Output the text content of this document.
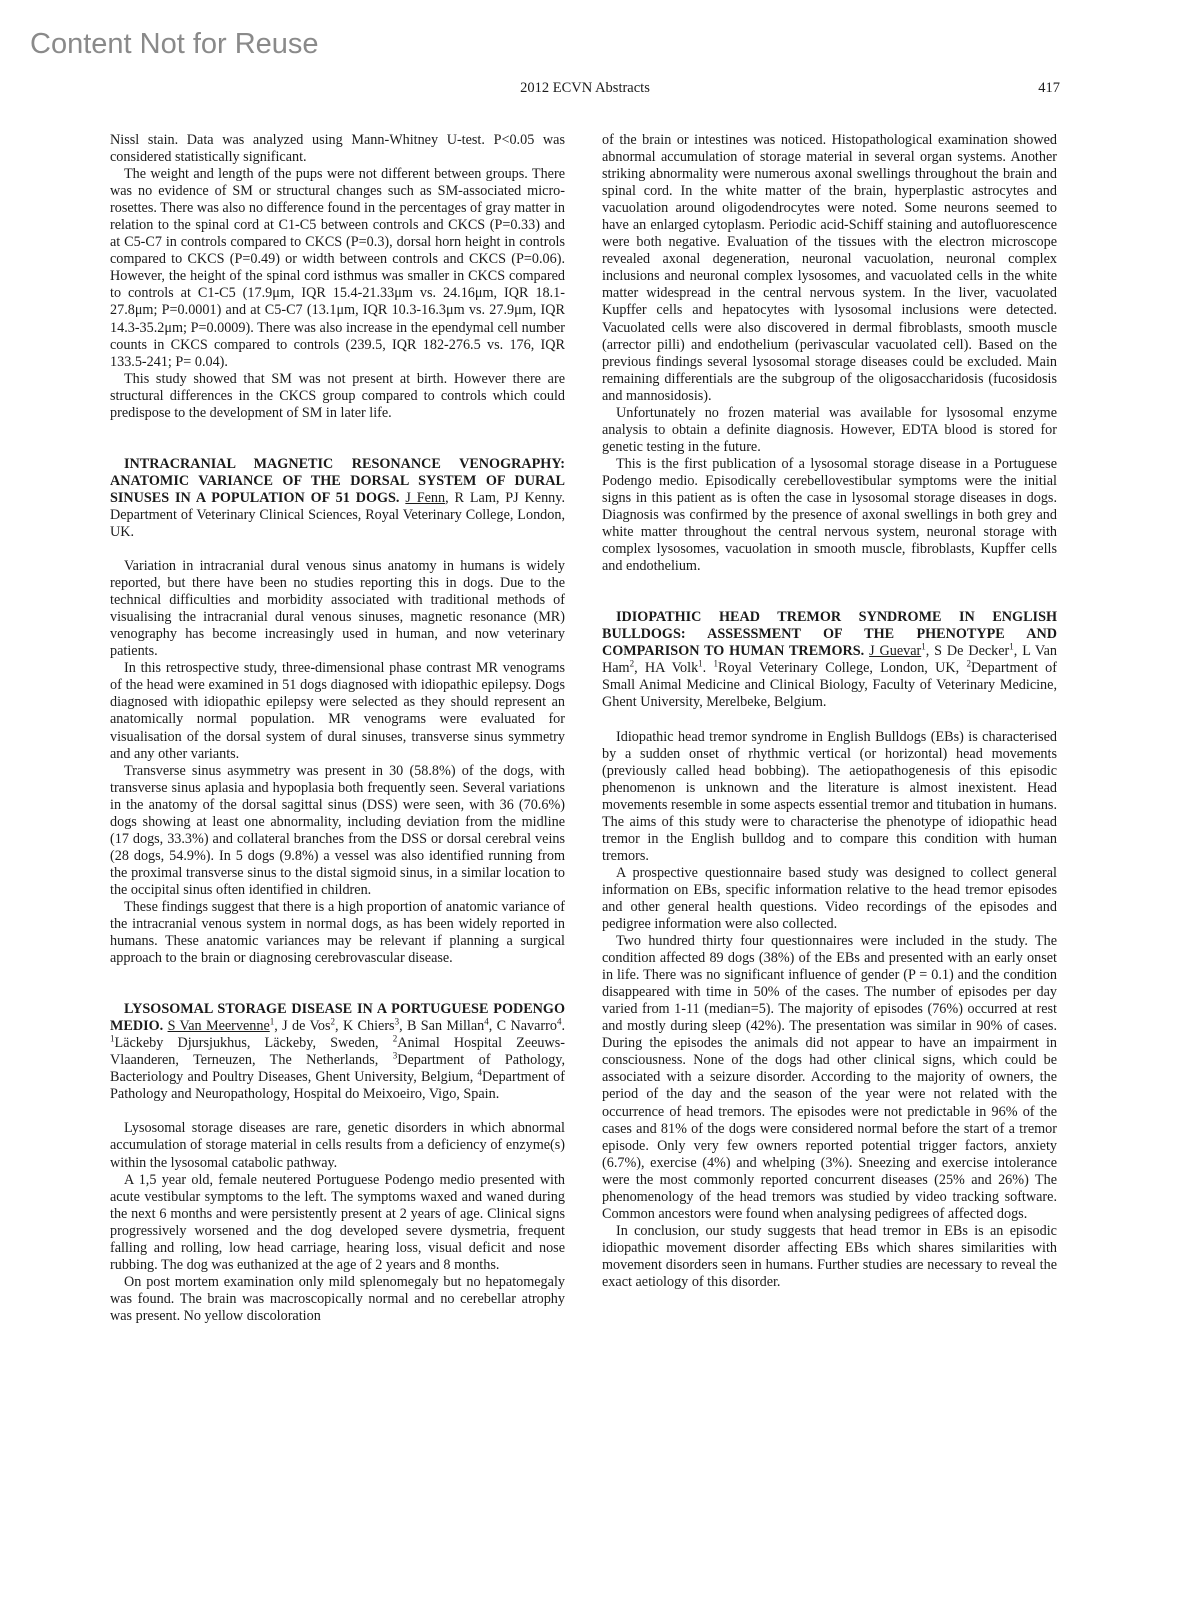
Content Not for Reuse
2012 ECVN Abstracts	417

Nissl stain. Data was analyzed using Mann-Whitney U-test. P<0.05 was considered statistically significant.

The weight and length of the pups were not different between groups. There was no evidence of SM or structural changes such as SM-associated micro-rosettes. There was also no difference found in the percentages of gray matter in relation to the spinal cord at C1-C5 between controls and CKCS (P=0.33) and at C5-C7 in controls compared to CKCS (P=0.3), dorsal horn height in controls compared to CKCS (P=0.49) or width between controls and CKCS (P=0.06). However, the height of the spinal cord isthmus was smaller in CKCS compared to controls at C1-C5 (17.9μm, IQR 15.4-21.33μm vs. 24.16μm, IQR 18.1-27.8μm; P=0.0001) and at C5-C7 (13.1μm, IQR 10.3-16.3μm vs. 27.9μm, IQR 14.3-35.2μm; P=0.0009). There was also increase in the ependymal cell number counts in CKCS compared to controls (239.5, IQR 182-276.5 vs. 176, IQR 133.5-241; P= 0.04).

This study showed that SM was not present at birth. However there are structural differences in the CKCS group compared to controls which could predispose to the development of SM in later life.

INTRACRANIAL MAGNETIC RESONANCE VENOGRAPHY: ANATOMIC VARIANCE OF THE DORSAL SYSTEM OF DURAL SINUSES IN A POPULATION OF 51 DOGS. J Fenn, R Lam, PJ Kenny. Department of Veterinary Clinical Sciences, Royal Veterinary College, London, UK.

Variation in intracranial dural venous sinus anatomy in humans is widely reported, but there have been no studies reporting this in dogs. Due to the technical difficulties and morbidity associated with traditional methods of visualising the intracranial dural venous sinuses, magnetic resonance (MR) venography has become increasingly used in human, and now veterinary patients.

In this retrospective study, three-dimensional phase contrast MR venograms of the head were examined in 51 dogs diagnosed with idiopathic epilepsy. Dogs diagnosed with idiopathic epilepsy were selected as they should represent an anatomically normal population. MR venograms were evaluated for visualisation of the dorsal system of dural sinuses, transverse sinus symmetry and any other variants.

Transverse sinus asymmetry was present in 30 (58.8%) of the dogs, with transverse sinus aplasia and hypoplasia both frequently seen. Several variations in the anatomy of the dorsal sagittal sinus (DSS) were seen, with 36 (70.6%) dogs showing at least one abnormality, including deviation from the midline (17 dogs, 33.3%) and collateral branches from the DSS or dorsal cerebral veins (28 dogs, 54.9%). In 5 dogs (9.8%) a vessel was also identified running from the proximal transverse sinus to the distal sigmoid sinus, in a similar location to the occipital sinus often identified in children.

These findings suggest that there is a high proportion of anatomic variance of the intracranial venous system in normal dogs, as has been widely reported in humans. These anatomic variances may be relevant if planning a surgical approach to the brain or diagnosing cerebrovascular disease.

LYSOSOMAL STORAGE DISEASE IN A PORTUGUESE PODENGO MEDIO. S Van Meervenne$^1$, J de Vos$^2$, K Chiers$^3$, B San Millan$^4$, C Navarro$^4$. $^1$Läckeby Djursjukhus, Läckeby, Sweden, $^2$Animal Hospital Zeeuws-Vlaanderen, Terneuzen, The Netherlands, $^3$Department of Pathology, Bacteriology and Poultry Diseases, Ghent University, Belgium, $^4$Department of Pathology and Neuropathology, Hospital do Meixoeiro, Vigo, Spain.

Lysosomal storage diseases are rare, genetic disorders in which abnormal accumulation of storage material in cells results from a deficiency of enzyme(s) within the lysosomal catabolic pathway.

A 1,5 year old, female neutered Portuguese Podengo medio presented with acute vestibular symptoms to the left. The symptoms waxed and waned during the next 6 months and were persistently present at 2 years of age. Clinical signs progressively worsened and the dog developed severe dysmetria, frequent falling and rolling, low head carriage, hearing loss, visual deficit and nose rubbing. The dog was euthanized at the age of 2 years and 8 months.

On post mortem examination only mild splenomegaly but no hepatomegaly was found. The brain was macroscopically normal and no cerebellar atrophy was present. No yellow discoloration

of the brain or intestines was noticed. Histopathological examination showed abnormal accumulation of storage material in several organ systems. Another striking abnormality were numerous axonal swellings throughout the brain and spinal cord. In the white matter of the brain, hyperplastic astrocytes and vacuolation around oligodendrocytes were noted. Some neurons seemed to have an enlarged cytoplasm. Periodic acid-Schiff staining and autofluorescence were both negative. Evaluation of the tissues with the electron microscope revealed axonal degeneration, neuronal vacuolation, neuronal complex inclusions and neuronal complex lysosomes, and vacuolated cells in the white matter widespread in the central nervous system. In the liver, vacuolated Kupffer cells and hepatocytes with lysosomal inclusions were detected. Vacuolated cells were also discovered in dermal fibroblasts, smooth muscle (arrector pilli) and endothelium (perivascular vacuolated cell). Based on the previous findings several lysosomal storage diseases could be excluded. Main remaining differentials are the subgroup of the oligosaccharidosis (fucosidosis and mannosidosis).

Unfortunately no frozen material was available for lysosomal enzyme analysis to obtain a definite diagnosis. However, EDTA blood is stored for genetic testing in the future.

This is the first publication of a lysosomal storage disease in a Portuguese Podengo medio. Episodically cerebellovestibular symptoms were the initial signs in this patient as is often the case in lysosomal storage diseases in dogs. Diagnosis was confirmed by the presence of axonal swellings in both grey and white matter throughout the central nervous system, neuronal storage with complex lysosomes, vacuolation in smooth muscle, fibroblasts, Kupffer cells and endothelium.

IDIOPATHIC HEAD TREMOR SYNDROME IN ENGLISH BULLDOGS: ASSESSMENT OF THE PHENOTYPE AND COMPARISON TO HUMAN TREMORS. J Guevar$^1$, S De Decker$^1$, L Van Ham$^2$, HA Volk$^1$. $^1$Royal Veterinary College, London, UK, $^2$Department of Small Animal Medicine and Clinical Biology, Faculty of Veterinary Medicine, Ghent University, Merelbeke, Belgium.

Idiopathic head tremor syndrome in English Bulldogs (EBs) is characterised by a sudden onset of rhythmic vertical (or horizontal) head movements (previously called head bobbing). The aetiopathogenesis of this episodic phenomenon is unknown and the literature is almost inexistent. Head movements resemble in some aspects essential tremor and titubation in humans. The aims of this study were to characterise the phenotype of idiopathic head tremor in the English bulldog and to compare this condition with human tremors.

A prospective questionnaire based study was designed to collect general information on EBs, specific information relative to the head tremor episodes and other general health questions. Video recordings of the episodes and pedigree information were also collected.

Two hundred thirty four questionnaires were included in the study. The condition affected 89 dogs (38%) of the EBs and presented with an early onset in life. There was no significant influence of gender (P = 0.1) and the condition disappeared with time in 50% of the cases. The number of episodes per day varied from 1-11 (median=5). The majority of episodes (76%) occurred at rest and mostly during sleep (42%). The presentation was similar in 90% of cases. During the episodes the animals did not appear to have an impairment in consciousness. None of the dogs had other clinical signs, which could be associated with a seizure disorder. According to the majority of owners, the period of the day and the season of the year were not related with the occurrence of head tremors. The episodes were not predictable in 96% of the cases and 81% of the dogs were considered normal before the start of a tremor episode. Only very few owners reported potential trigger factors, anxiety (6.7%), exercise (4%) and whelping (3%). Sneezing and exercise intolerance were the most commonly reported concurrent diseases (25% and 26%) The phenomenology of the head tremors was studied by video tracking software. Common ancestors were found when analysing pedigrees of affected dogs.

In conclusion, our study suggests that head tremor in EBs is an episodic idiopathic movement disorder affecting EBs which shares similarities with movement disorders seen in humans. Further studies are necessary to reveal the exact aetiology of this disorder.
